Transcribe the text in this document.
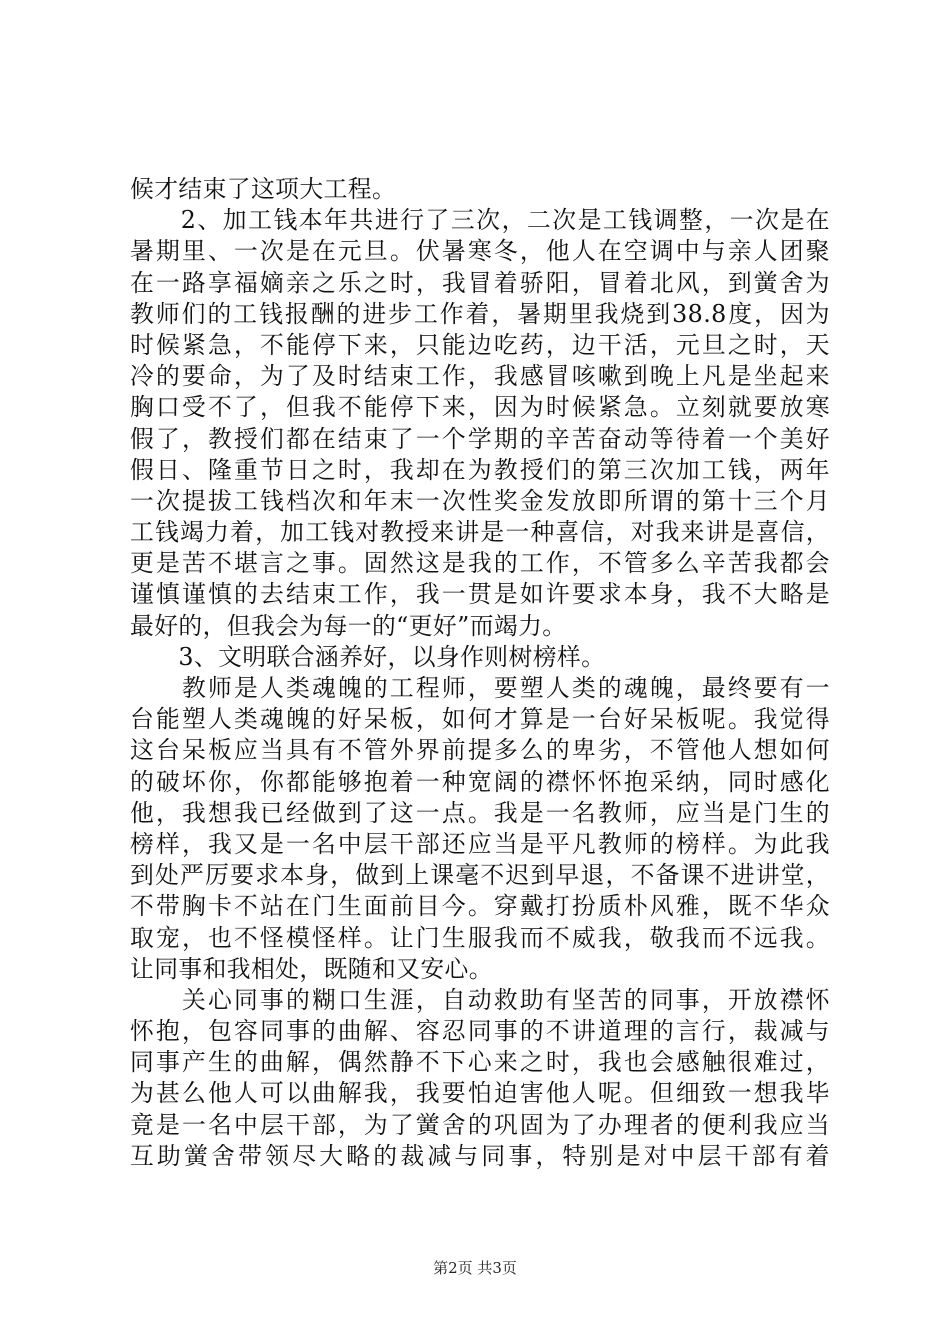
候才结束了这项大工程。
　　2、加工钱本年共进行了三次，二次是工钱调整，一次是在
暑期里、一次是在元旦。伏暑寒冬，他人在空调中与亲人团聚
在一路享福嫡亲之乐之时，我冒着骄阳，冒着北风，到黉舍为
教师们的工钱报酬的进步工作着，暑期里我烧到38.8度，因为
时候紧急，不能停下来，只能边吃药，边干活，元旦之时，天
冷的要命，为了及时结束工作，我感冒咳嗽到晚上凡是坐起来
胸口受不了，但我不能停下来，因为时候紧急。立刻就要放寒
假了，教授们都在结束了一个学期的辛苦奋动等待着一个美好
假日、隆重节日之时，我却在为教授们的第三次加工钱，两年
一次提拔工钱档次和年末一次性奖金发放即所谓的第十三个月
工钱竭力着，加工钱对教授来讲是一种喜信，对我来讲是喜信，
更是苦不堪言之事。固然这是我的工作，不管多么辛苦我都会
谨慎谨慎的去结束工作，我一贯是如许要求本身，我不大略是
最好的，但我会为每一的“更好”而竭力。
　　3、文明联合涵养好，以身作则树榜样。
　　教师是人类魂魄的工程师，要塑人类的魂魄，最终要有一
台能塑人类魂魄的好呆板，如何才算是一台好呆板呢。我觉得
这台呆板应当具有不管外界前提多么的卑劣，不管他人想如何
的破坏你，你都能够抱着一种宽阔的襟怀怀抱采纳，同时感化
他，我想我已经做到了这一点。我是一名教师，应当是门生的
榜样，我又是一名中层干部还应当是平凡教师的榜样。为此我
到处严厉要求本身，做到上课毫不迟到早退，不备课不进讲堂，
不带胸卡不站在门生面前目今。穿戴打扮质朴风雅，既不华众
取宠，也不怪模怪样。让门生服我而不威我，敬我而不远我。
让同事和我相处，既随和又安心。
　　关心同事的糊口生涯，自动救助有坚苦的同事，开放襟怀
怀抱，包容同事的曲解、容忍同事的不讲道理的言行，裁减与
同事产生的曲解，偶然静不下心来之时，我也会感触很难过，
为甚么他人可以曲解我，我要怕迫害他人呢。但细致一想我毕
竟是一名中层干部，为了黉舍的巩固为了办理者的便利我应当
互助黉舍带领尽大略的裁减与同事，特别是对中层干部有着
第2页 共3页
